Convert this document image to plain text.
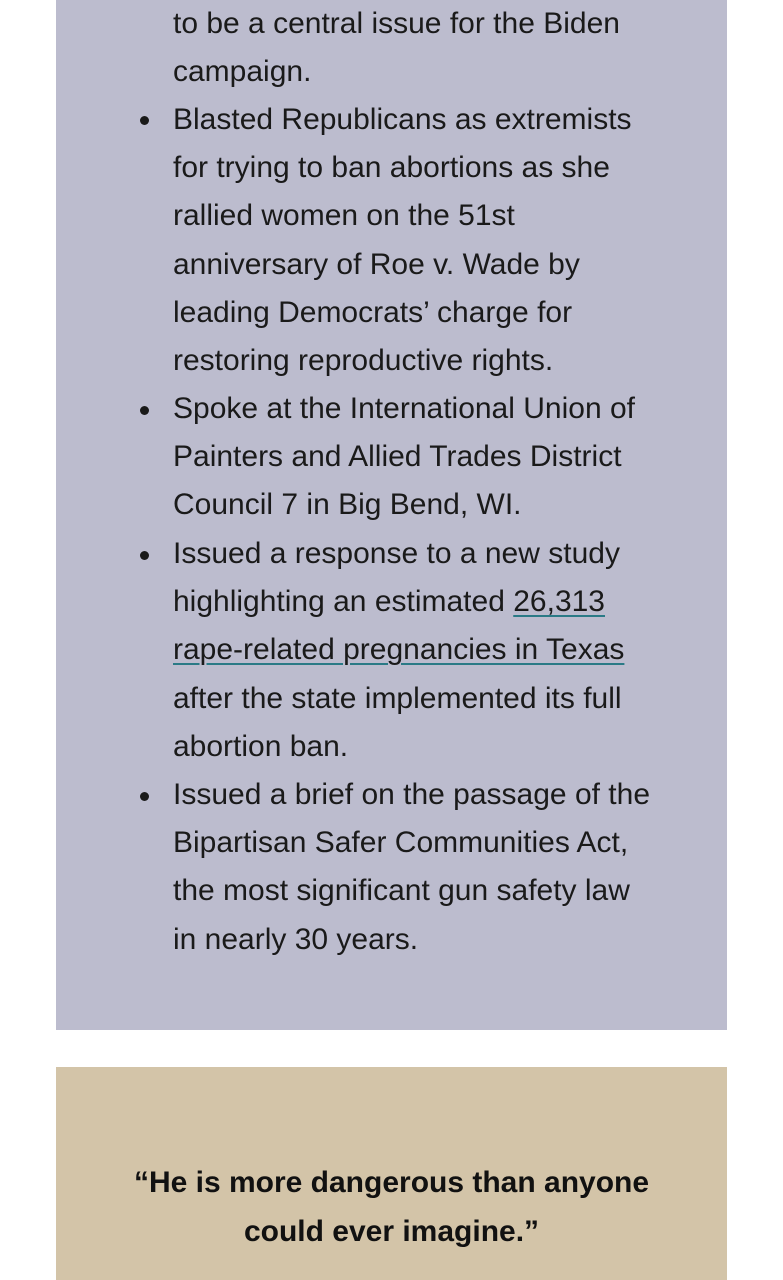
to be a central issue for the Biden
campaign.

Blasted Republicans as extremists
for trying to ban abortions as she
rallied women on the 51st
anniversary of Roe v. Wade by
leading Democrats’ charge for
restoring reproductive rights.

Spoke at the International Union of
Painters and Allied Trades District
Council 7 in Big Bend, WI.

Issued a response to a new study highlighting an estimated 26,313 rape-related pregnancies in Texas after the state implemented its full abortion ban.

Issued a brief on the passage of the
Bipartisan Safer Communities Act,
the most significant gun safety law
in nearly 30 years.

“He is more dangerous than anyone
could ever imagine.”
